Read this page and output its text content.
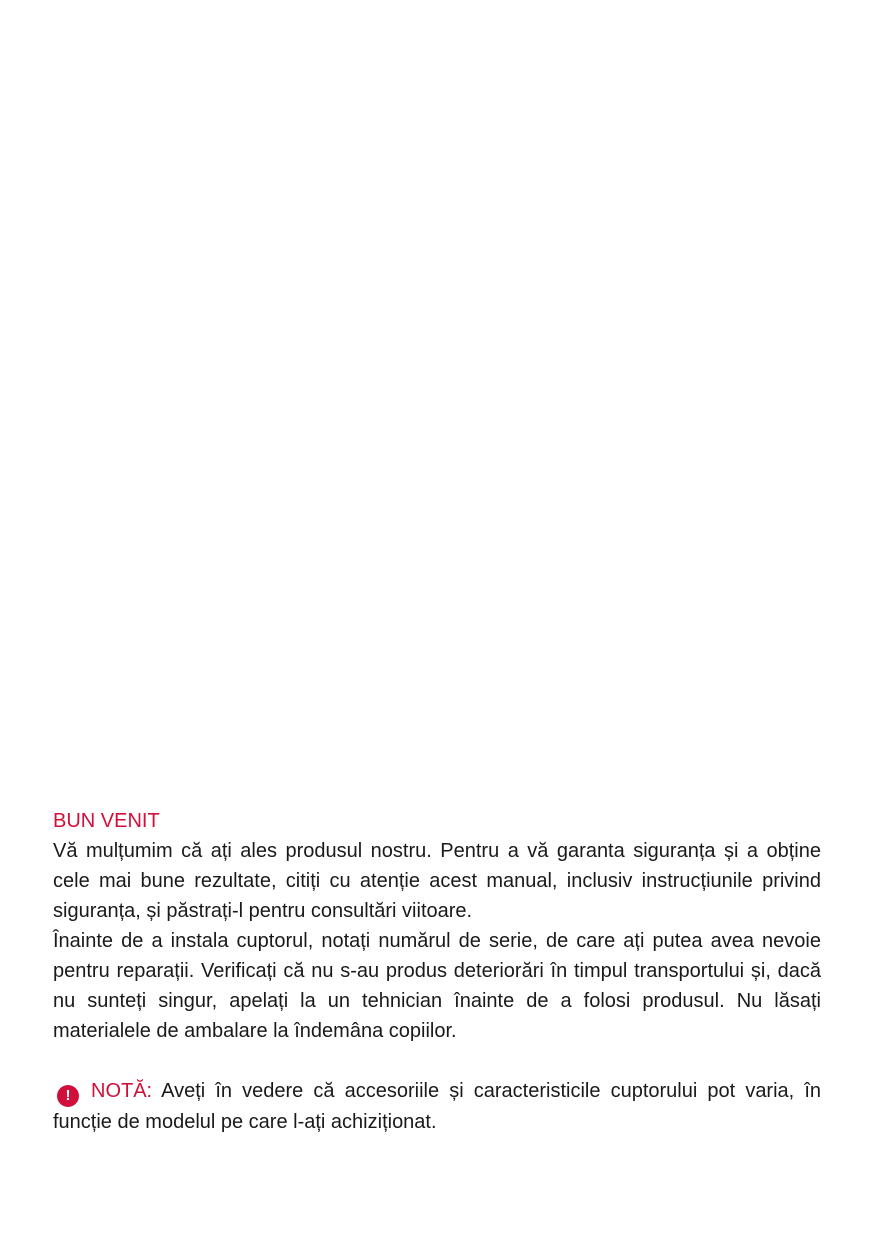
BUN VENIT

Vă mulțumim că ați ales produsul nostru. Pentru a vă garanta siguranța și a obține cele mai bune rezultate, citiți cu atenție acest manual, inclusiv instrucțiunile privind siguranța, și păstrați-l pentru consultări viitoare.

Înainte de a instala cuptorul, notați numărul de serie, de care ați putea avea nevoie pentru reparații. Verificați că nu s-au produs deteriorări în timpul transportului și, dacă nu sunteți singur, apelați la un tehnician înainte de a folosi produsul. Nu lăsați materialele de ambalare la îndemâna copiilor.

! NOTĂ: Aveți în vedere că accesoriile și caracteristicile cuptorului pot varia, în funcție de modelul pe care l-ați achiziționat.
